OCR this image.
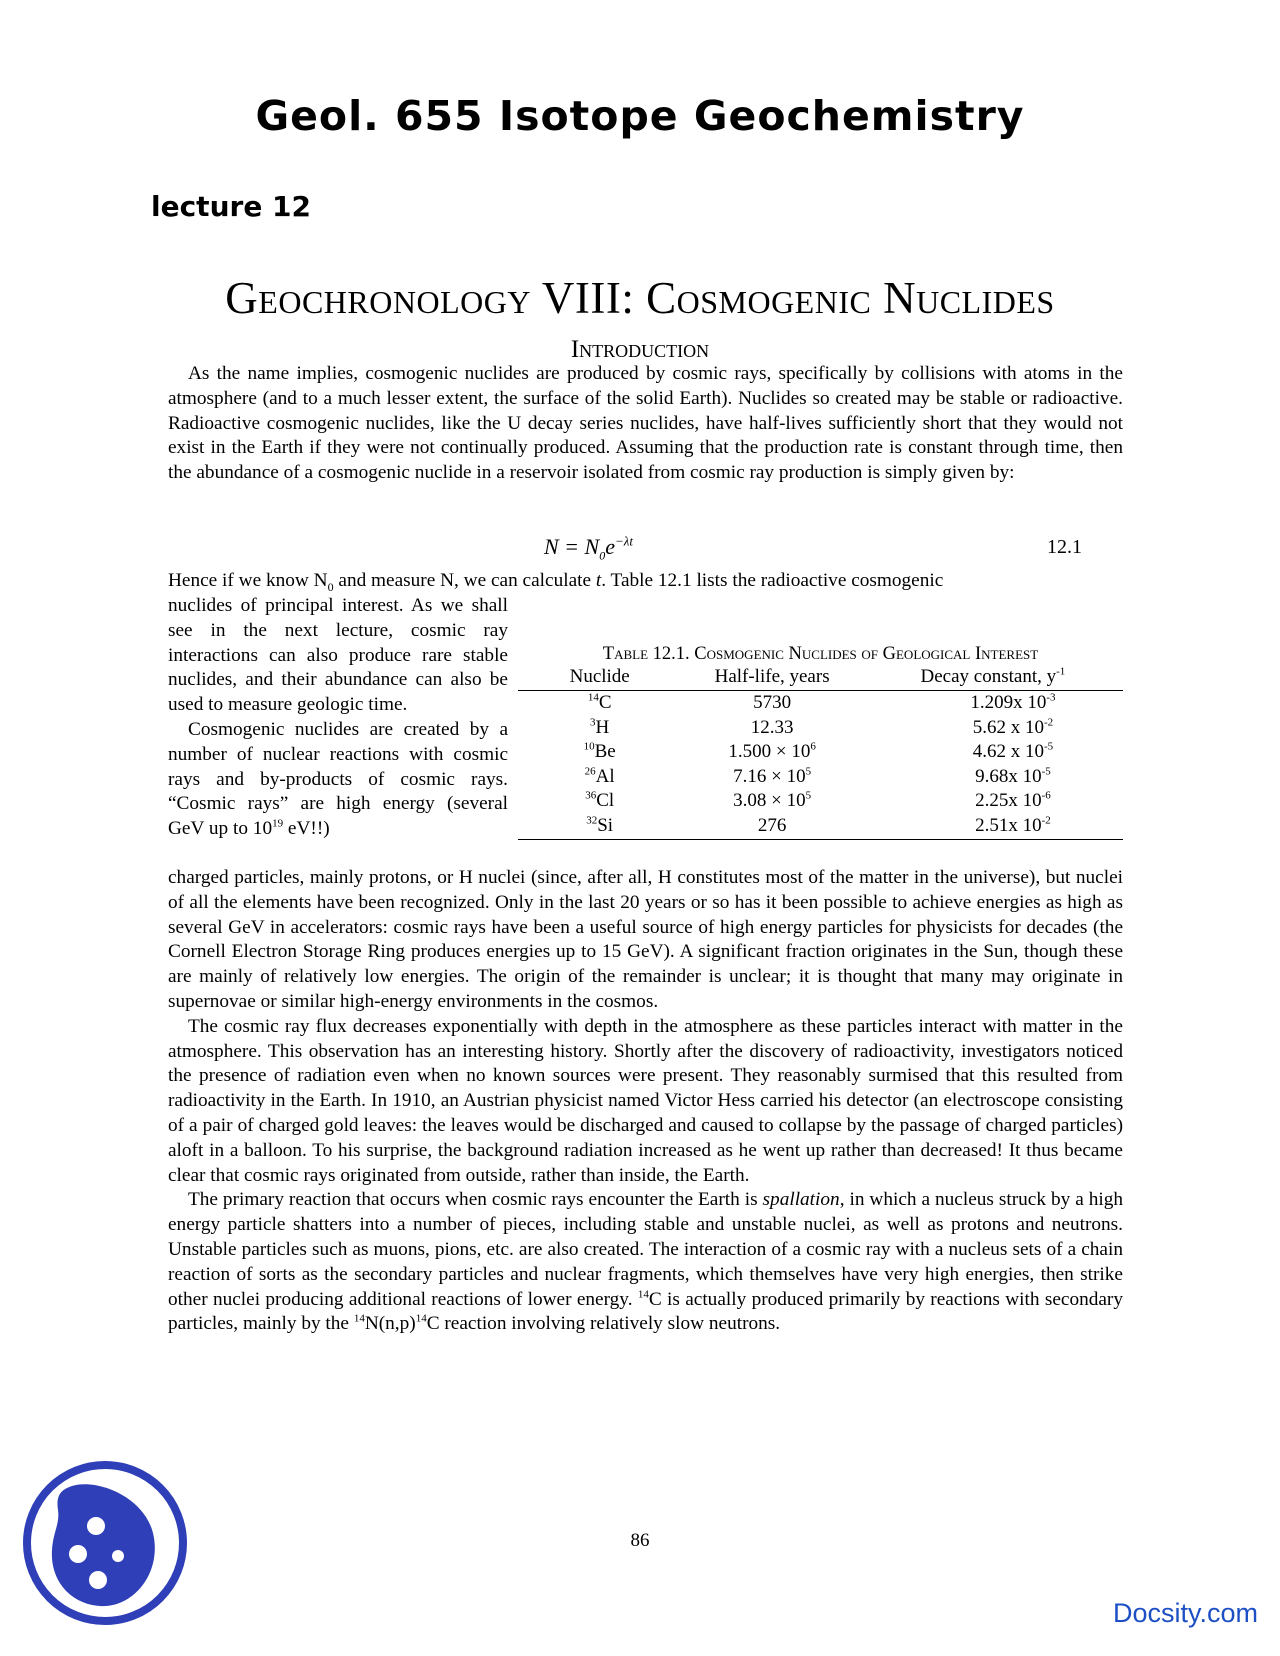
Geol. 655 Isotope Geochemistry
lecture 12
Geochronology VIII: Cosmogenic Nuclides
Introduction

As the name implies, cosmogenic nuclides are produced by cosmic rays, specifically by collisions with atoms in the atmosphere (and to a much lesser extent, the surface of the solid Earth). Nuclides so created may be stable or radioactive. Radioactive cosmogenic nuclides, like the U decay series nuclides, have half-lives sufficiently short that they would not exist in the Earth if they were not continually produced. Assuming that the production rate is constant through time, then the abundance of a cosmogenic nuclide in a reservoir isolated from cosmic ray production is simply given by:

$N = N_0e^{-\lambda t}$	12.1

Hence if we know $N_0$ and measure N, we can calculate t. Table 12.1 lists the radioactive cosmogenic

nuclides of principal interest. As we shall see in the next lecture, cosmic ray interactions can also produce rare stable nuclides, and their abundance can also be used to measure geologic time.

Cosmogenic nuclides are created by a number of nuclear reactions with cosmic rays and by-products of cosmic rays. “Cosmic rays” are high energy (several GeV up to $10^{19}$ eV!!)

Table 12.1. Cosmogenic Nuclides of Geological Interest
Nuclide	Half-life, years	Decay constant, $y^{-1}$
$^{14}$C	5730	1.209x $10^{-3}$
$^3$H	12.33	5.62 x $10^{-2}$
$^{10}$Be	$1.500 \times 10^6$	4.62 x $10^{-5}$
$^{26}$Al	$7.16 \times 10^5$	9.68x $10^{-5}$
$^{36}$Cl	$3.08 \times 10^5$	2.25x $10^{-6}$
$^{32}$Si	276	2.51x $10^{-2}$

charged particles, mainly protons, or H nuclei (since, after all, H constitutes most of the matter in the universe), but nuclei of all the elements have been recognized. Only in the last 20 years or so has it been possible to achieve energies as high as several GeV in accelerators: cosmic rays have been a useful source of high energy particles for physicists for decades (the Cornell Electron Storage Ring produces energies up to 15 GeV). A significant fraction originates in the Sun, though these are mainly of relatively low energies. The origin of the remainder is unclear; it is thought that many may originate in supernovae or similar high-energy environments in the cosmos.

The cosmic ray flux decreases exponentially with depth in the atmosphere as these particles interact with matter in the atmosphere. This observation has an interesting history. Shortly after the discovery of radioactivity, investigators noticed the presence of radiation even when no known sources were present. They reasonably surmised that this resulted from radioactivity in the Earth. In 1910, an Austrian physicist named Victor Hess carried his detector (an electroscope consisting of a pair of charged gold leaves: the leaves would be discharged and caused to collapse by the passage of charged particles) aloft in a balloon. To his surprise, the background radiation increased as he went up rather than decreased! It thus became clear that cosmic rays originated from outside, rather than inside, the Earth.

The primary reaction that occurs when cosmic rays encounter the Earth is spallation, in which a nucleus struck by a high energy particle shatters into a number of pieces, including stable and unstable nuclei, as well as protons and neutrons. Unstable particles such as muons, pions, etc. are also created. The interaction of a cosmic ray with a nucleus sets of a chain reaction of sorts as the secondary particles and nuclear fragments, which themselves have very high energies, then strike other nuclei producing additional reactions of lower energy. $^{14}$C is actually produced primarily by reactions with secondary particles, mainly by the $^{14}N(n,p)^{14}C$ reaction involving relatively slow neutrons.

86
Docsity.com
